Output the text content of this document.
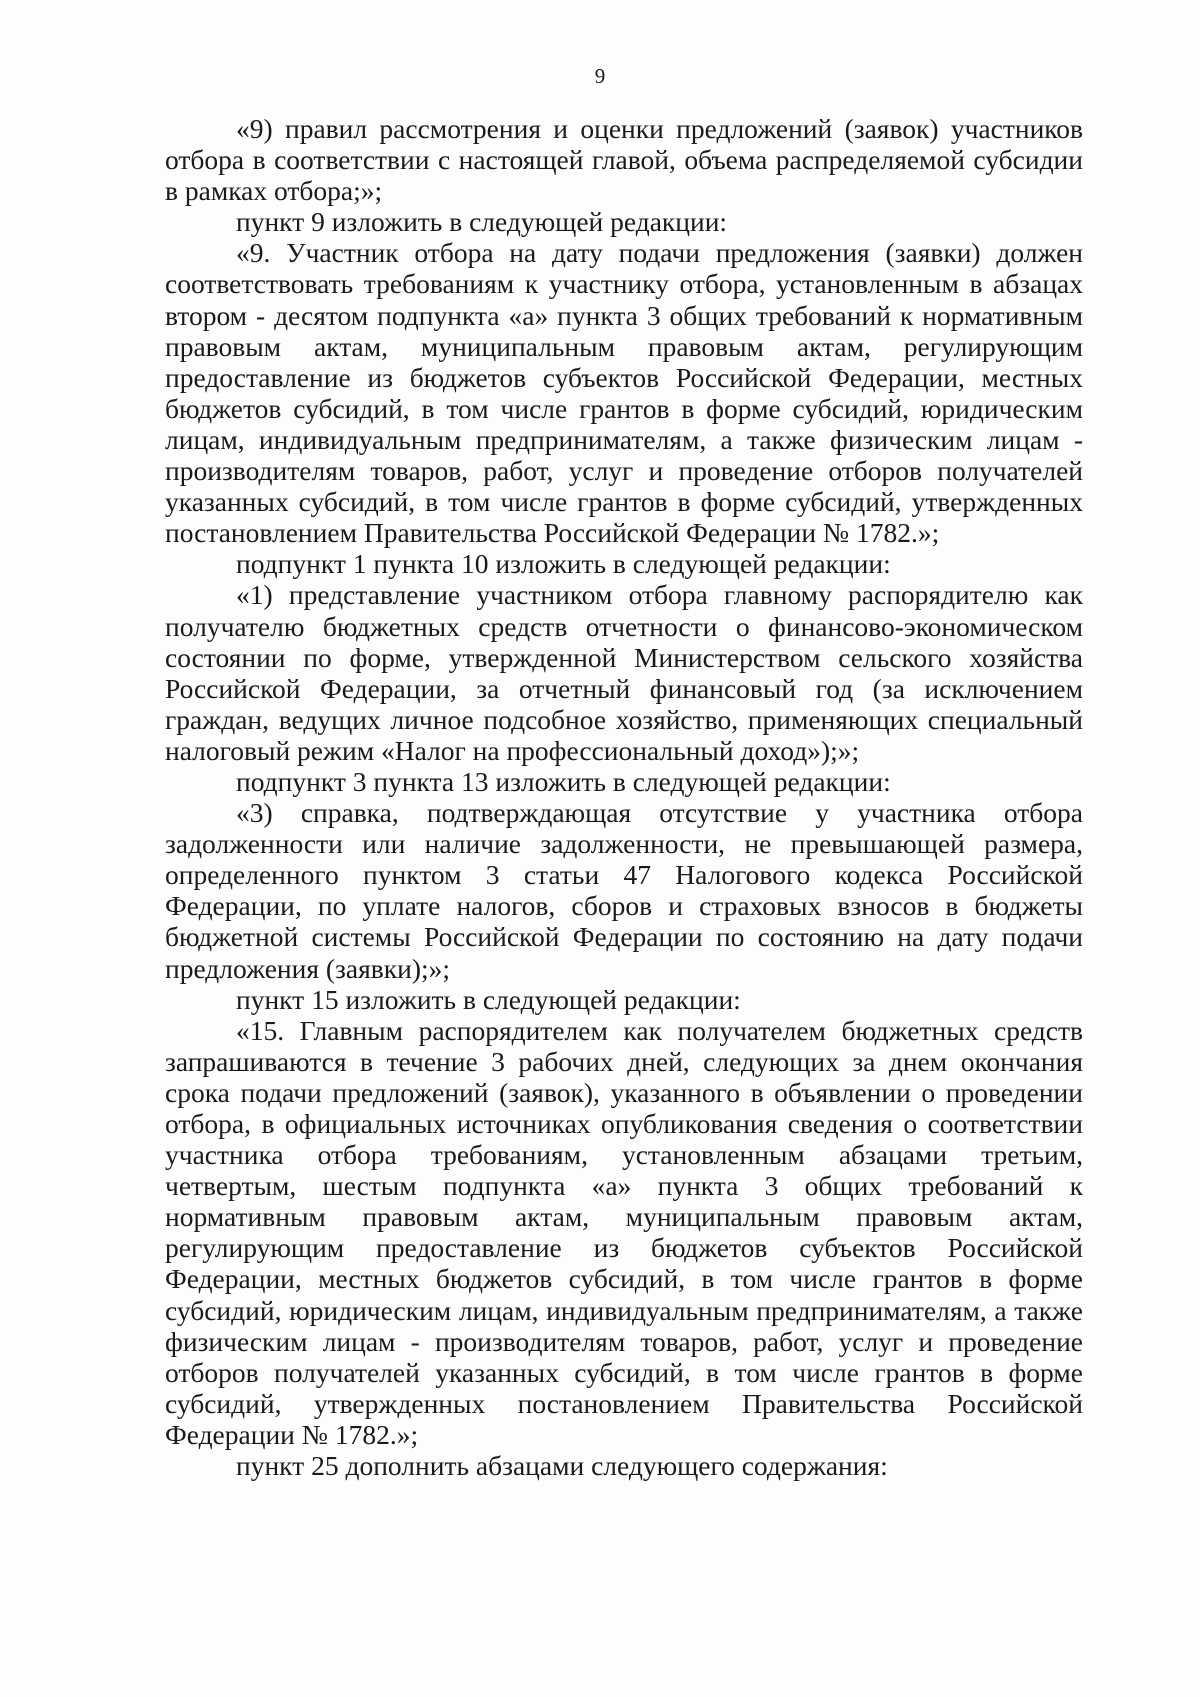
9

«9) правил рассмотрения и оценки предложений (заявок) участников отбора в соответствии с настоящей главой, объема распределяемой субсидии в рамках отбора;»;

пункт 9 изложить в следующей редакции:

«9. Участник отбора на дату подачи предложения (заявки) должен соответствовать требованиям к участнику отбора, установленным в абзацах втором - десятом подпункта «а» пункта 3 общих требований к нормативным правовым актам, муниципальным правовым актам, регулирующим предоставление из бюджетов субъектов Российской Федерации, местных бюджетов субсидий, в том числе грантов в форме субсидий, юридическим лицам, индивидуальным предпринимателям, а также физическим лицам - производителям товаров, работ, услуг и проведение отборов получателей указанных субсидий, в том числе грантов в форме субсидий, утвержденных постановлением Правительства Российской Федерации № 1782.»;

подпункт 1 пункта 10 изложить в следующей редакции:

«1) представление участником отбора главному распорядителю как получателю бюджетных средств отчетности о финансово-экономическом состоянии по форме, утвержденной Министерством сельского хозяйства Российской Федерации, за отчетный финансовый год (за исключением граждан, ведущих личное подсобное хозяйство, применяющих специальный налоговый режим «Налог на профессиональный доход»);»;

подпункт 3 пункта 13 изложить в следующей редакции:

«3) справка, подтверждающая отсутствие у участника отбора задолженности или наличие задолженности, не превышающей размера, определенного пунктом 3 статьи 47 Налогового кодекса Российской Федерации, по уплате налогов, сборов и страховых взносов в бюджеты бюджетной системы Российской Федерации по состоянию на дату подачи предложения (заявки);»;

пункт 15 изложить в следующей редакции:

«15. Главным распорядителем как получателем бюджетных средств запрашиваются в течение 3 рабочих дней, следующих за днем окончания срока подачи предложений (заявок), указанного в объявлении о проведении отбора, в официальных источниках опубликования сведения о соответствии участника отбора требованиям, установленным абзацами третьим, четвертым, шестым подпункта «а» пункта 3 общих требований к нормативным правовым актам, муниципальным правовым актам, регулирующим предоставление из бюджетов субъектов Российской Федерации, местных бюджетов субсидий, в том числе грантов в форме субсидий, юридическим лицам, индивидуальным предпринимателям, а также физическим лицам - производителям товаров, работ, услуг и проведение отборов получателей указанных субсидий, в том числе грантов в форме субсидий, утвержденных постановлением Правительства Российской Федерации № 1782.»;

пункт 25 дополнить абзацами следующего содержания:
